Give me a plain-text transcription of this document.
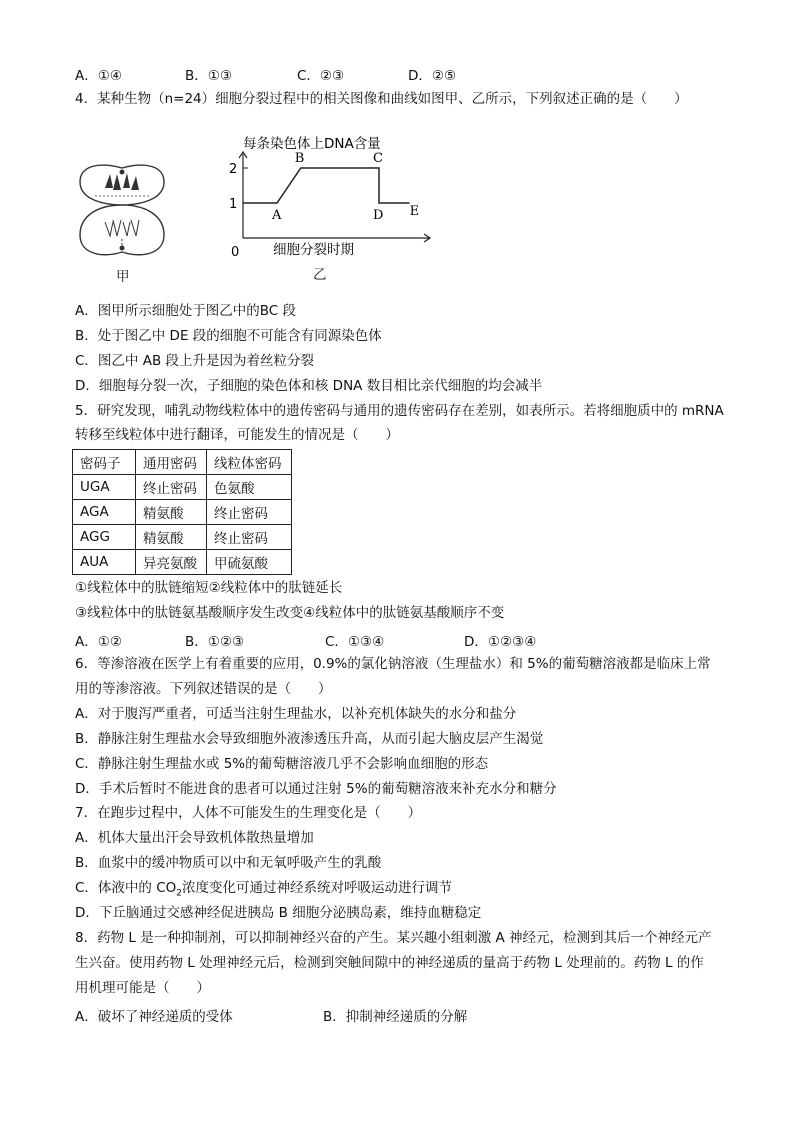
A．①④	B．①③	C．②③	D．②⑤
4．某种生物（n=24）细胞分裂过程中的相关图像和曲线如图甲、乙所示，下列叙述正确的是（　　）
甲
每条染色体上DNA含量
1
2
A
B	C
D E
细胞分裂时期
0
乙
A．图甲所示细胞处于图乙中的BC 段
B．处于图乙中 DE 段的细胞不可能含有同源染色体
C．图乙中 AB 段上升是因为着丝粒分裂
D．细胞每分裂一次，子细胞的染色体和核 DNA 数目相比亲代细胞的均会减半
5．研究发现，哺乳动物线粒体中的遗传密码与通用的遗传密码存在差别，如表所示。若将细胞质中的 mRNA
转移至线粒体中进行翻译，可能发生的情况是（　　）
密码子	通用密码	线粒体密码
UGA	终止密码	色氨酸
AGA	精氨酸	终止密码
AGG	精氨酸	终止密码
AUA	异亮氨酸	甲硫氨酸
①线粒体中的肽链缩短②线粒体中的肽链延长
③线粒体中的肽链氨基酸顺序发生改变④线粒体中的肽链氨基酸顺序不变
A．①②	B．①②③	C．①③④	D．①②③④
6．等渗溶液在医学上有着重要的应用，0.9%的氯化钠溶液（生理盐水）和 5%的葡萄糖溶液都是临床上常
用的等渗溶液。下列叙述错误的是（　　）
A．对于腹泻严重者，可适当注射生理盐水，以补充机体缺失的水分和盐分
B．静脉注射生理盐水会导致细胞外液渗透压升高，从而引起大脑皮层产生渴觉
C．静脉注射生理盐水或 5%的葡萄糖溶液几乎不会影响血细胞的形态
D．手术后暂时不能进食的患者可以通过注射 5%的葡萄糖溶液来补充水分和糖分
7．在跑步过程中，人体不可能发生的生理变化是（　　）
A．机体大量出汗会导致机体散热量增加
B．血浆中的缓冲物质可以中和无氧呼吸产生的乳酸
C．体液中的 $CO_2$浓度变化可通过神经系统对呼吸运动进行调节
D．下丘脑通过交感神经促进胰岛 B 细胞分泌胰岛素，维持血糖稳定
8．药物 L 是一种抑制剂，可以抑制神经兴奋的产生。某兴趣小组刺激 A 神经元，检测到其后一个神经元产
生兴奋。使用药物 L 处理神经元后，检测到突触间隙中的神经递质的量高于药物 L 处理前的。药物 L 的作
用机理可能是（　　）
A．破坏了神经递质的受体	B．抑制神经递质的分解
